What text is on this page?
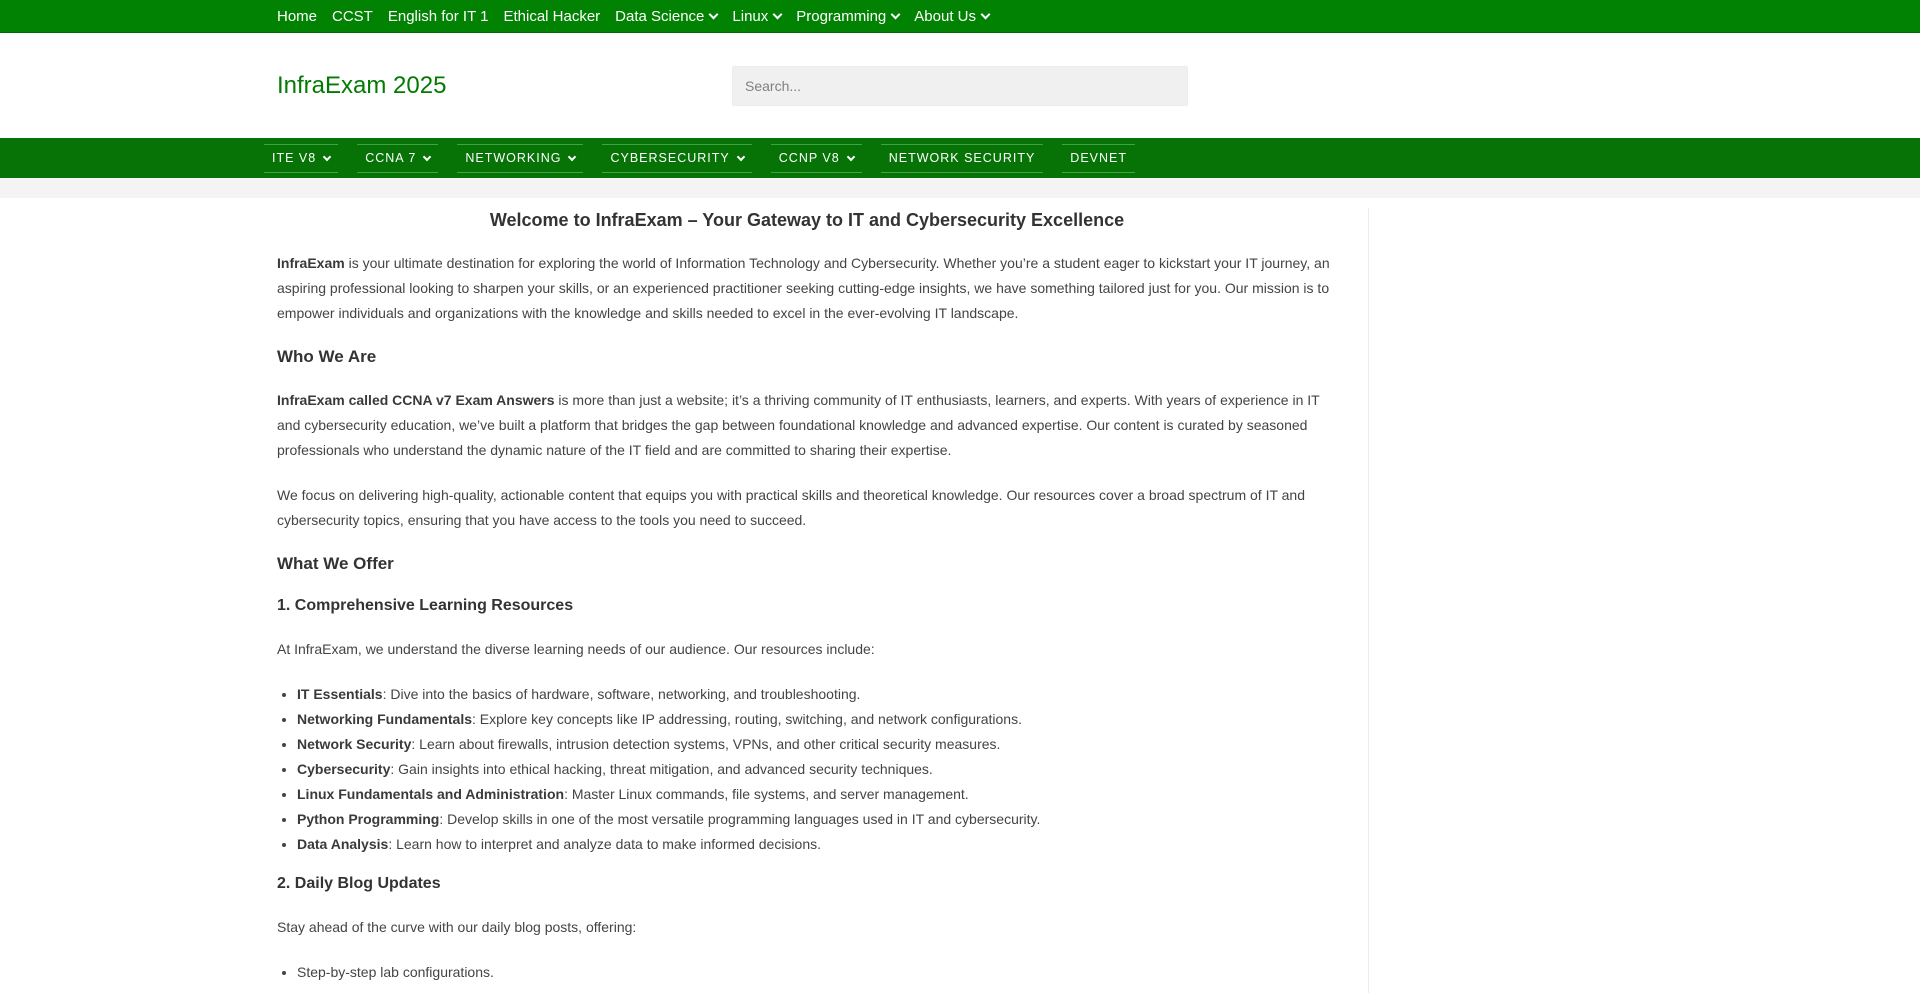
Home CCST English for IT 1 Ethical Hacker Data Science Linux Programming About Us
InfraExam 2025
Search...
ITE V8	CCNA 7	NETWORKING	CYBERSECURITY	CCNP V8	NETWORK SECURITY	DEVNET
Welcome to InfraExam – Your Gateway to IT and Cybersecurity Excellence

InfraExam is your ultimate destination for exploring the world of Information Technology and Cybersecurity. Whether you’re a student eager to kickstart your IT journey, an aspiring professional looking to sharpen your skills, or an experienced practitioner seeking cutting-edge insights, we have something tailored just for you. Our mission is to empower individuals and organizations with the knowledge and skills needed to excel in the ever-evolving IT landscape.

Who We Are

InfraExam called CCNA v7 Exam Answers is more than just a website; it’s a thriving community of IT enthusiasts, learners, and experts. With years of experience in IT and cybersecurity education, we’ve built a platform that bridges the gap between foundational knowledge and advanced expertise. Our content is curated by seasoned professionals who understand the dynamic nature of the IT field and are committed to sharing their expertise.

We focus on delivering high-quality, actionable content that equips you with practical skills and theoretical knowledge. Our resources cover a broad spectrum of IT and cybersecurity topics, ensuring that you have access to the tools you need to succeed.

What We Offer
1. Comprehensive Learning Resources

At InfraExam, we understand the diverse learning needs of our audience. Our resources include:

• IT Essentials: Dive into the basics of hardware, software, networking, and troubleshooting.
• Networking Fundamentals: Explore key concepts like IP addressing, routing, switching, and network configurations.
• Network Security: Learn about firewalls, intrusion detection systems, VPNs, and other critical security measures.
• Cybersecurity: Gain insights into ethical hacking, threat mitigation, and advanced security techniques.
• Linux Fundamentals and Administration: Master Linux commands, file systems, and server management.
• Python Programming: Develop skills in one of the most versatile programming languages used in IT and cybersecurity.
• Data Analysis: Learn how to interpret and analyze data to make informed decisions.
2. Daily Blog Updates

Stay ahead of the curve with our daily blog posts, offering:

• Step-by-step lab configurations.
